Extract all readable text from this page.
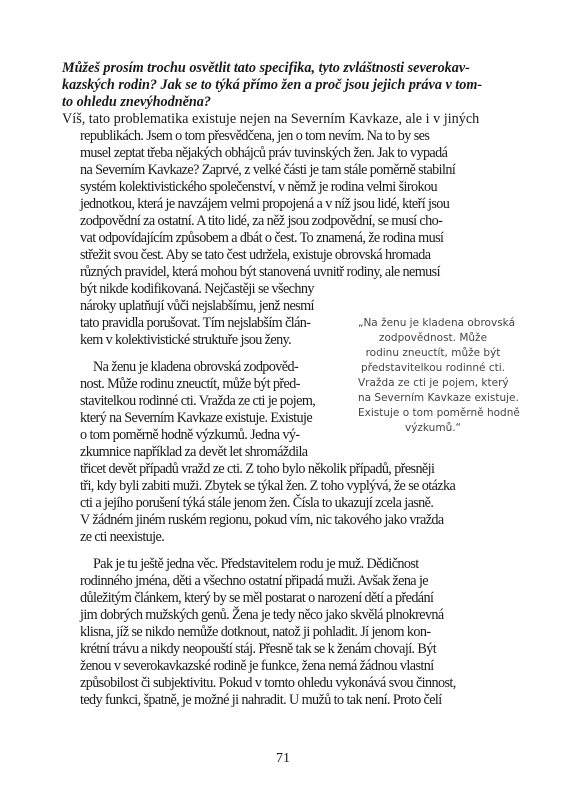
Můžeš prosím trochu osvětlit tato specifika, tyto zvláštnosti severokav-
kazských rodin? Jak se to týká přímo žen a proč jsou jejich práva v tom-
to ohledu znevýhodněna?
Víš, tato problematika existuje nejen na Severním Kavkaze, ale i v jiných
republikách. Jsem o tom přesvědčena, jen o tom nevím. Na to by ses
musel zeptat třeba nějakých obhájců práv tuvinských žen. Jak to vypadá
na Severním Kavkaze? Zaprvé, z velké části je tam stále poměrně stabilní
systém kolektivistického společenství, v němž je rodina velmi širokou
jednotkou, která je navzájem velmi propojená a v níž jsou lidé, kteří jsou
zodpovědní za ostatní. A tito lidé, za něž jsou zodpovědní, se musí cho-
vat odpovídajícím způsobem a dbát o čest. To znamená, že rodina musí
střežit svou čest. Aby se tato čest udržela, existuje obrovská hromada
různých pravidel, která mohou být stanovená uvnitř rodiny, ale nemusí
být nikde kodifikovaná. Nejčastěji se všechny
nároky uplatňují vůči nejslabšímu, jenž nesmí
tato pravidla porušovat. Tím nejslabším člán-
kem v kolektivistické struktuře jsou ženy.
Na ženu je kladena obrovská zodpověd-
nost. Může rodinu zneuctít, může být před-
stavitelkou rodinné cti. Vražda ze cti je pojem,
který na Severním Kavkaze existuje. Existuje
o tom poměrně hodně výzkumů. Jedna vý-
zkumnice například za devět let shromáždila
třicet devět případů vražd ze cti. Z toho bylo několik případů, přesněji
tři, kdy byli zabiti muži. Zbytek se týkal žen. Z toho vyplývá, že se otázka
cti a jejího porušení týká stále jenom žen. Čísla to ukazují zcela jasně.
V žádném jiném ruském regionu, pokud vím, nic takového jako vražda
ze cti neexistuje.
Pak je tu ještě jedna věc. Představitelem rodu je muž. Dědičnost
rodinného jména, děti a všechno ostatní připadá muži. Avšak žena je
důležitým článkem, který by se měl postarat o narození dětí a předání
jim dobrých mužských genů. Žena je tedy něco jako skvělá plnokrevná
klisna, jíž se nikdo nemůže dotknout, natož ji pohladit. Jí jenom kon-
krétní trávu a nikdy neopouští stáj. Přesně tak se k ženám chovají. Být
ženou v severokavkazské rodině je funkce, žena nemá žádnou vlastní
způsobilost či subjektivitu. Pokud v tomto ohledu vykonává svou činnost,
tedy funkci, špatně, je možné ji nahradit. U mužů to tak není. Proto čelí
„Na ženu je kladena obrovská
zodpovědnost. Může
rodinu zneuctít, může být
představitelkou rodinné cti.
Vražda ze cti je pojem, který
na Severním Kavkaze existuje.
Existuje o tom poměrně hodně
výzkumů.“
71
